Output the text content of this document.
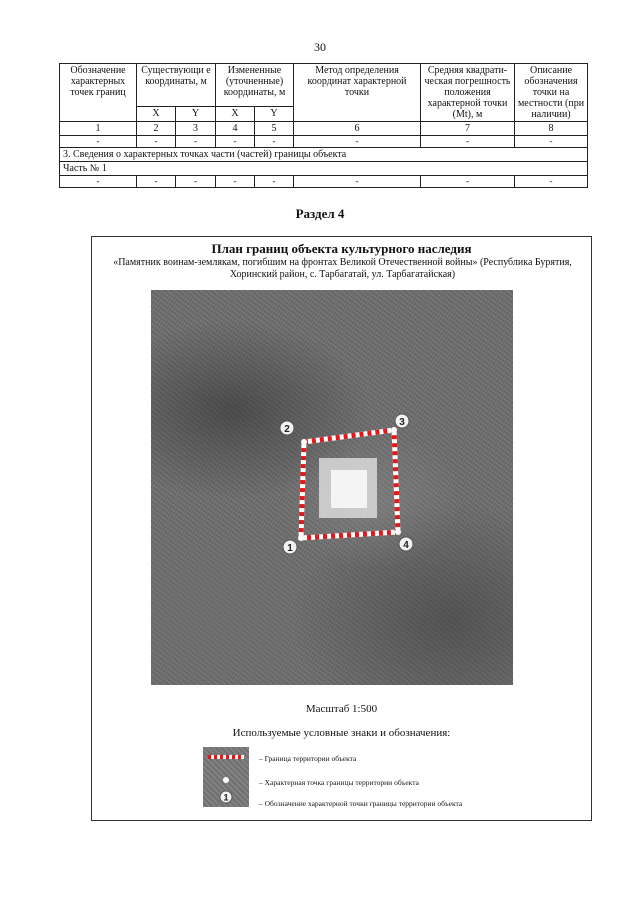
30
Обозначение характерных точек границ	Существующи е координаты, м		Измененные (уточненные) координаты, м		Метод определения координат характерной точки	Средняя квадрати- ческая погрешность положения характерной точки (Mt), м	Описание обозначения точки на местности (при наличии)
	X	Y	X	Y			
1	2	3	4	5	6	7	8
-	-	-	-	-	-	-	-
3. Сведения о характерных точках части (частей) границы объекта							
Часть № 1							
-	-	-	-	-	-	-	-
Раздел 4
План границ объекта культурного наследия
«Памятник воинам-землякам, погибшим на фронтах Великой Отечественной войны» (Республика Бурятия, Хоринский район, с. Тарбагатай, ул. Тарбагатайская)
1
2
3
4
Масштаб 1:500
Используемые условные знаки и обозначения:
1
– Граница территории объекта
– Характерная точка границы территории объекта
– Обозначение характерной точки границы территории объекта
